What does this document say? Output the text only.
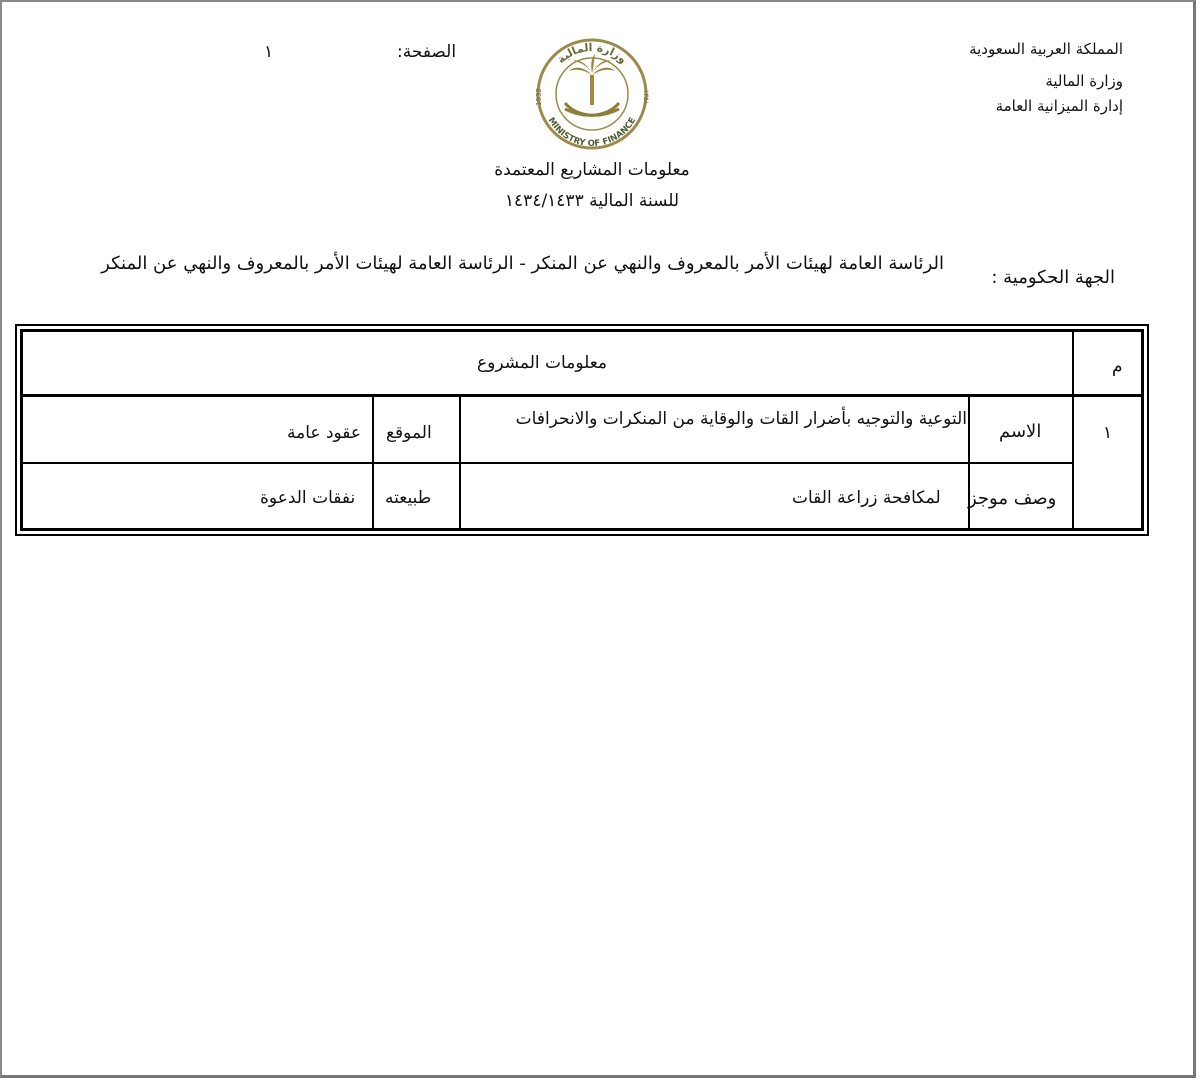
المملكة العربية السعودية
وزارة المالية
إدارة الميزانية العامة
الصفحة:
١	وزارة المالية
MINISTRY OF FINANCE
1932	١٣٥١
معلومات المشاريع المعتمدة
للسنة المالية ١٤٣٤/١٤٣٣
الجهة الحكومية :
الرئاسة العامة لهيئات الأمر بالمعروف والنهي عن المنكر - الرئاسة العامة لهيئات الأمر بالمعروف والنهي عن المنكر
م
معلومات المشروع
١
الاسم
التوعية والتوجيه بأضرار القات والوقاية من المنكرات والانحرافات
الموقع
عقود عامة
وصف موجز
لمكافحة زراعة القات
طبيعته
نفقات الدعوة
